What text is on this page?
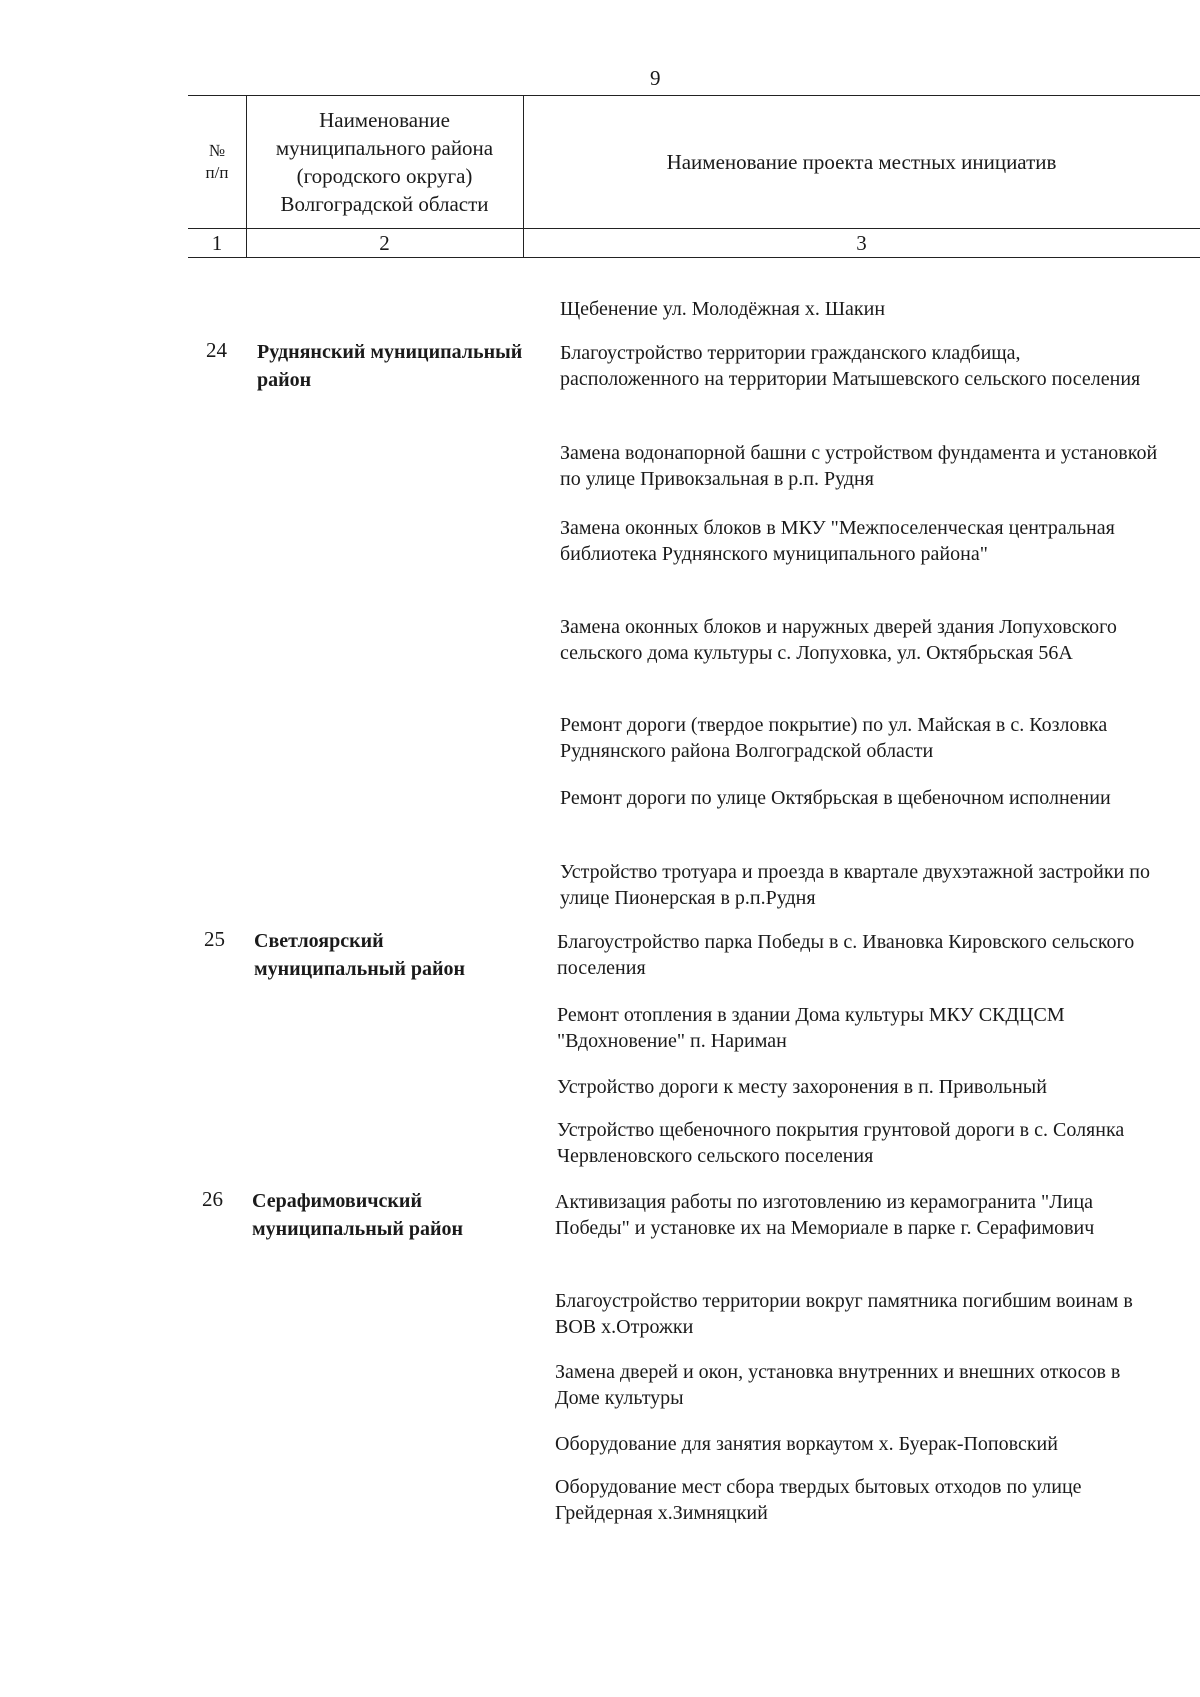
9
№
п/п
Наименование
муниципального района
(городского округа)
Волгоградской области
Наименование проекта местных инициатив
1	2	3
Щебенение ул. Молодёжная х. Шакин
24 Руднянский муниципальный район
Благоустройство территории гражданского кладбища, расположенного на территории Матышевского сельского поселения
Замена водонапорной башни с устройством фундамента и установкой по улице Привокзальная в р.п. Рудня
Замена оконных блоков в МКУ "Межпоселенческая центральная библиотека Руднянского муниципального района"
Замена оконных блоков и наружных дверей здания Лопуховского сельского дома культуры с. Лопуховка, ул. Октябрьская 56А
Ремонт дороги (твердое покрытие) по ул. Майская в с. Козловка Руднянского района Волгоградской области
Ремонт дороги по улице Октябрьская в щебеночном исполнении
Устройство тротуара и проезда в квартале двухэтажной застройки по улице Пионерская в р.п.Рудня
25 Светлоярский муниципальный район
Благоустройство парка Победы в с. Ивановка Кировского сельского поселения
Ремонт отопления в здании Дома культуры МКУ СКДЦСМ "Вдохновение" п. Нариман
Устройство дороги к месту захоронения в п. Привольный
Устройство щебеночного покрытия грунтовой дороги в с. Солянка Червленовского сельского поселения
26 Серафимовичский муниципальный район
Активизация работы по изготовлению из керамогранита "Лица Победы" и установке их на Мемориале в парке г. Серафимович
Благоустройство территории вокруг памятника погибшим воинам в ВОВ х.Отрожки
Замена дверей и окон, установка внутренних и внешних откосов в Доме культуры
Оборудование для занятия воркаутом х. Буерак-Поповский
Оборудование мест сбора твердых бытовых отходов по улице Грейдерная х.Зимняцкий
